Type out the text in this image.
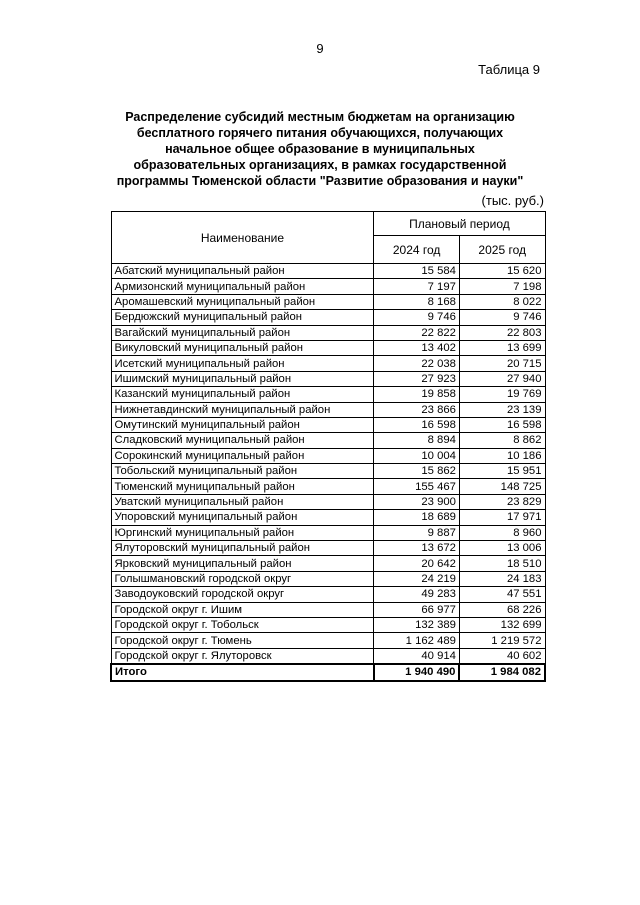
9
Таблица 9
Распределение субсидий местным бюджетам на организацию
бесплатного горячего питания обучающихся, получающих
начальное общее образование в муниципальных
образовательных организациях, в рамках государственной
программы Тюменской области "Развитие образования и науки"
(тыс. руб.)
Наименование	Плановый период	
	2024 год	2025 год
Абатский муниципальный район	15 584	15 620
Армизонский муниципальный район	7 197	7 198
Аромашевский муниципальный район	8 168	8 022
Бердюжский муниципальный район	9 746	9 746
Вагайский муниципальный район	22 822	22 803
Викуловский муниципальный район	13 402	13 699
Исетский муниципальный район	22 038	20 715
Ишимский муниципальный район	27 923	27 940
Казанский муниципальный район	19 858	19 769
Нижнетавдинский муниципальный район	23 866	23 139
Омутинский муниципальный район	16 598	16 598
Сладковский муниципальный район	8 894	8 862
Сорокинский муниципальный район	10 004	10 186
Тобольский муниципальный район	15 862	15 951
Тюменский муниципальный район	155 467	148 725
Уватский муниципальный район	23 900	23 829
Упоровский муниципальный район	18 689	17 971
Юргинский муниципальный район	9 887	8 960
Ялуторовский муниципальный район	13 672	13 006
Ярковский муниципальный район	20 642	18 510
Голышмановский городской округ	24 219	24 183
Заводоуковский городской округ	49 283	47 551
Городской округ г. Ишим	66 977	68 226
Городской округ г. Тобольск	132 389	132 699
Городской округ г. Тюмень	1 162 489	1 219 572
Городской округ г. Ялуторовск	40 914	40 602
Итого	1 940 490	1 984 082
